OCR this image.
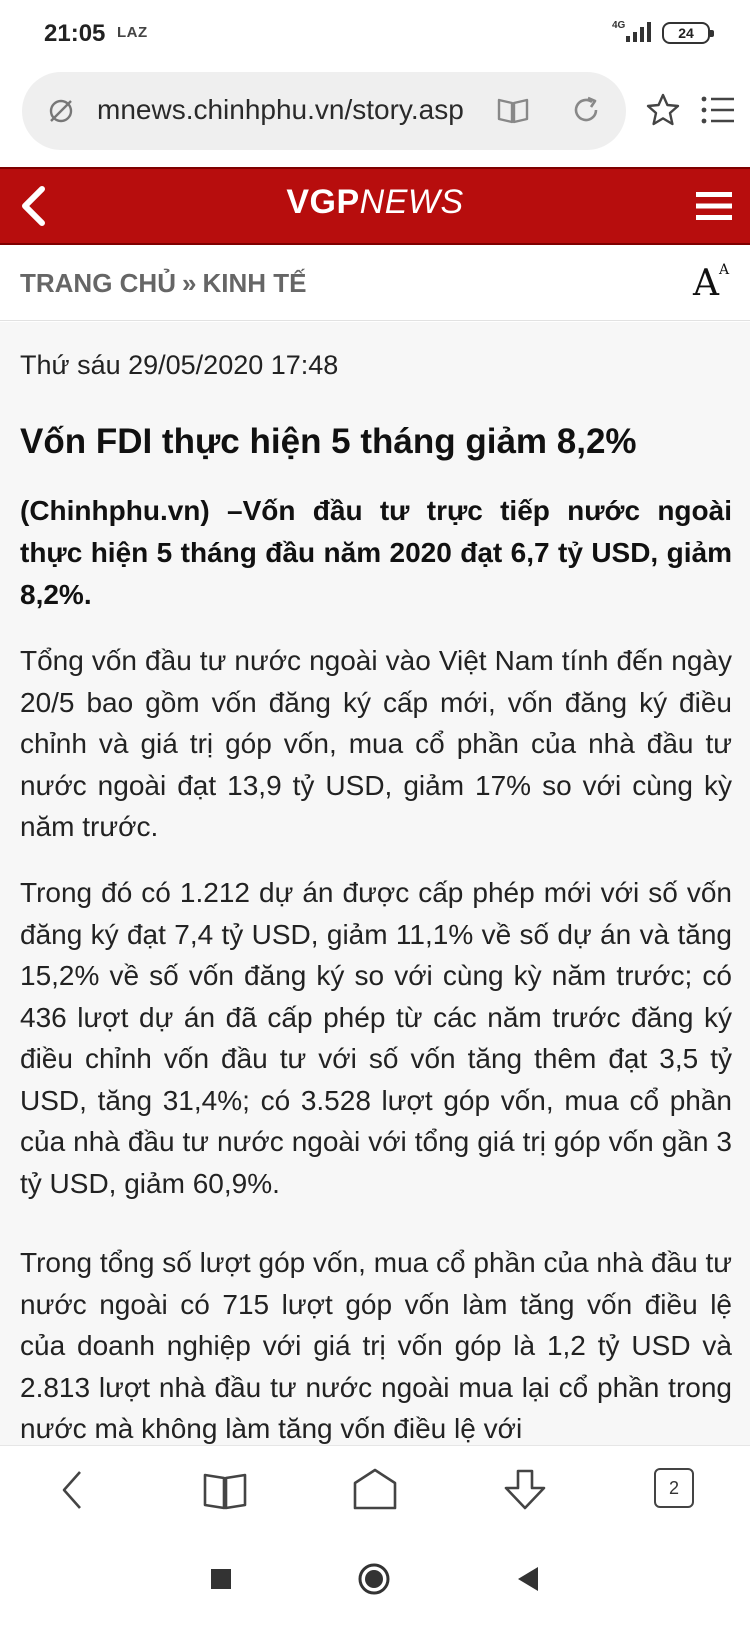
21:05 LAZ	4G	24
mnews.chinhphu.vn/story.asp
VGPNEWS
TRANG CHỦ » KINH TẾ	$A^A$
Thứ sáu 29/05/2020 17:48
Vốn FDI thực hiện 5 tháng giảm 8,2%

(Chinhphu.vn) –Vốn đầu tư trực tiếp nước ngoài thực hiện 5 tháng đầu năm 2020 đạt 6,7 tỷ USD, giảm 8,2%.

Tổng vốn đầu tư nước ngoài vào Việt Nam tính đến ngày 20/5 bao gồm vốn đăng ký cấp mới, vốn đăng ký điều chỉnh và giá trị góp vốn, mua cổ phần của nhà đầu tư nước ngoài đạt 13,9 tỷ USD, giảm 17% so với cùng kỳ năm trước.

Trong đó có 1.212 dự án được cấp phép mới với số vốn đăng ký đạt 7,4 tỷ USD, giảm 11,1% về số dự án và tăng 15,2% về số vốn đăng ký so với cùng kỳ năm trước; có 436 lượt dự án đã cấp phép từ các năm trước đăng ký điều chỉnh vốn đầu tư với số vốn tăng thêm đạt 3,5 tỷ USD, tăng 31,4%; có 3.528 lượt góp vốn, mua cổ phần của nhà đầu tư nước ngoài với tổng giá trị góp vốn gần 3 tỷ USD, giảm 60,9%.

Trong tổng số lượt góp vốn, mua cổ phần của nhà đầu tư nước ngoài có 715 lượt góp vốn làm tăng vốn điều lệ của doanh nghiệp với giá trị vốn góp là 1,2 tỷ USD và 2.813 lượt nhà đầu tư nước ngoài mua lại cổ phần trong nước mà không làm tăng vốn điều lệ với

2
